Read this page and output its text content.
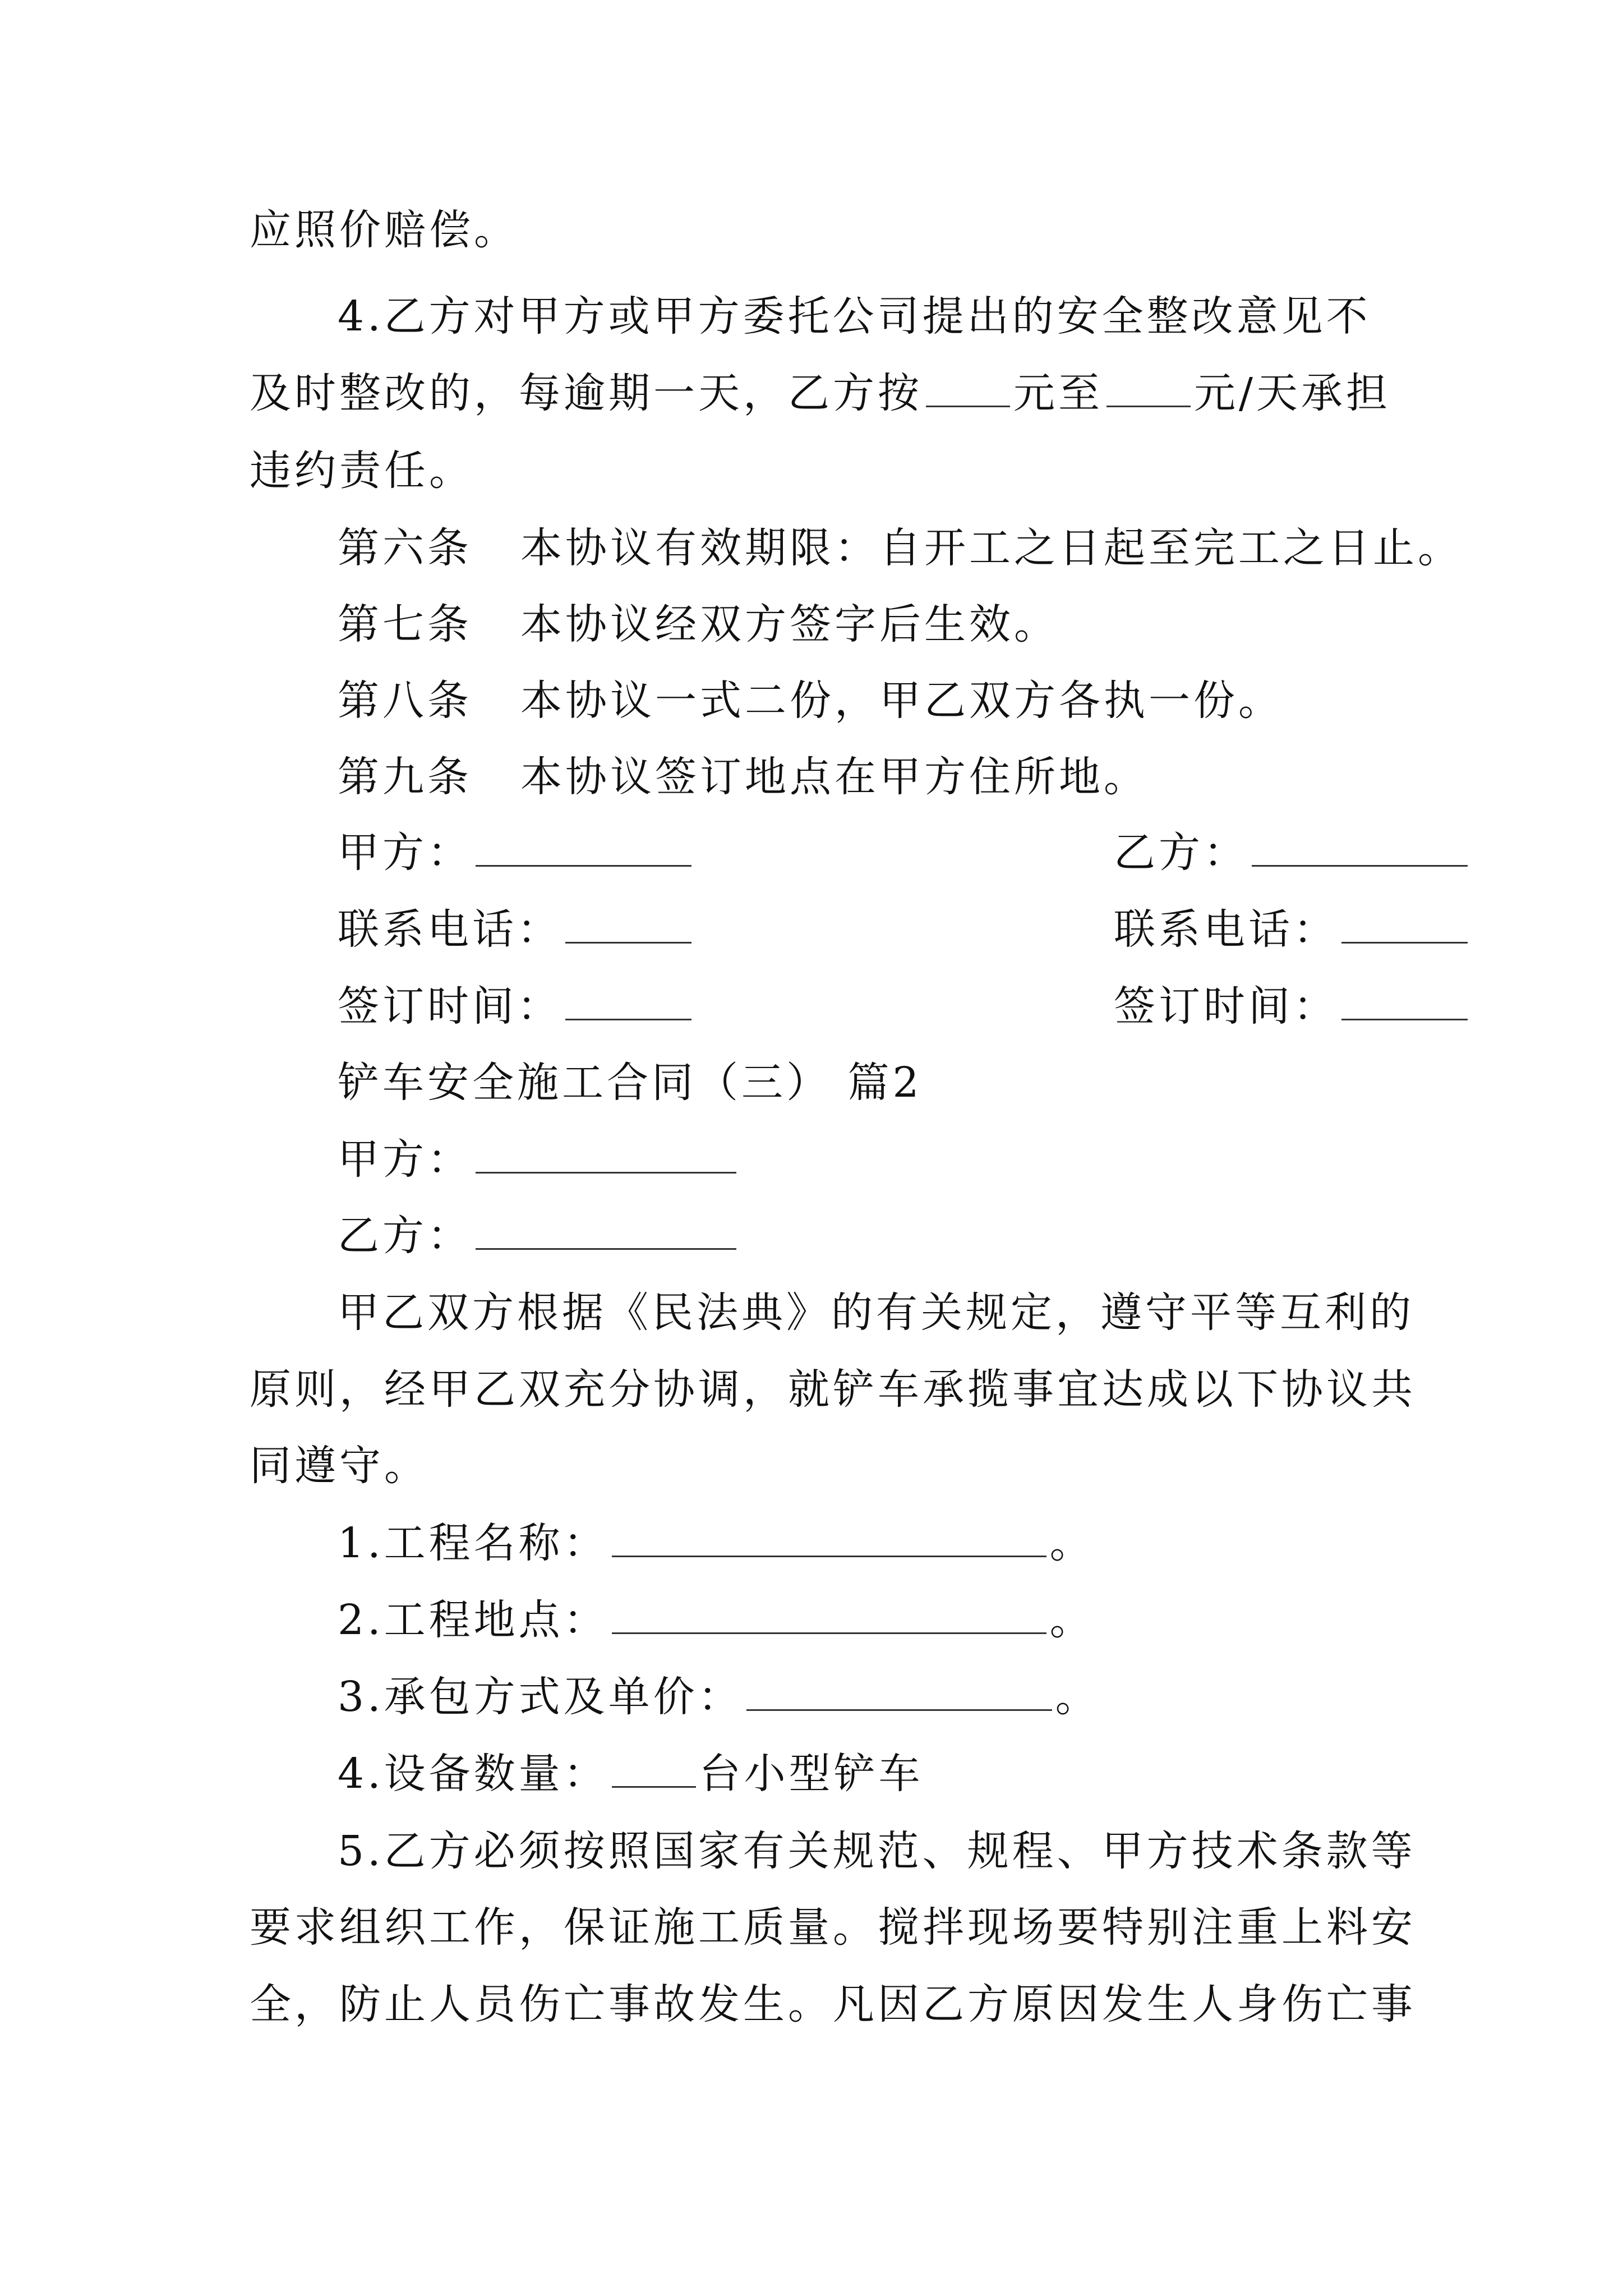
应照价赔偿。
4.乙方对甲方或甲方委托公司提出的安全整改意见不
及时整改的，每逾期一天，乙方按 元至 元/天承担
违约责任。
第六条 本协议有效期限：自开工之日起至完工之日止。
第七条 本协议经双方签字后生效。
第八条 本协议一式二份，甲乙双方各执一份。
第九条 本协议签订地点在甲方住所地。
甲方：	乙方：
联系电话：	联系电话：
签订时间：	签订时间：
铲车安全施工合同（三） 篇2
甲方：
乙方：
甲乙双方根据《民法典》的有关规定，遵守平等互利的
原则，经甲乙双充分协调，就铲车承揽事宜达成以下协议共
同遵守。
1.工程名称：	。
2.工程地点：	。
3.承包方式及单价：	。
4.设备数量： 台小型铲车
5.乙方必须按照国家有关规范、规程、甲方技术条款等
要求组织工作，保证施工质量。搅拌现场要特别注重上料安
全，防止人员伤亡事故发生。凡因乙方原因发生人身伤亡事
